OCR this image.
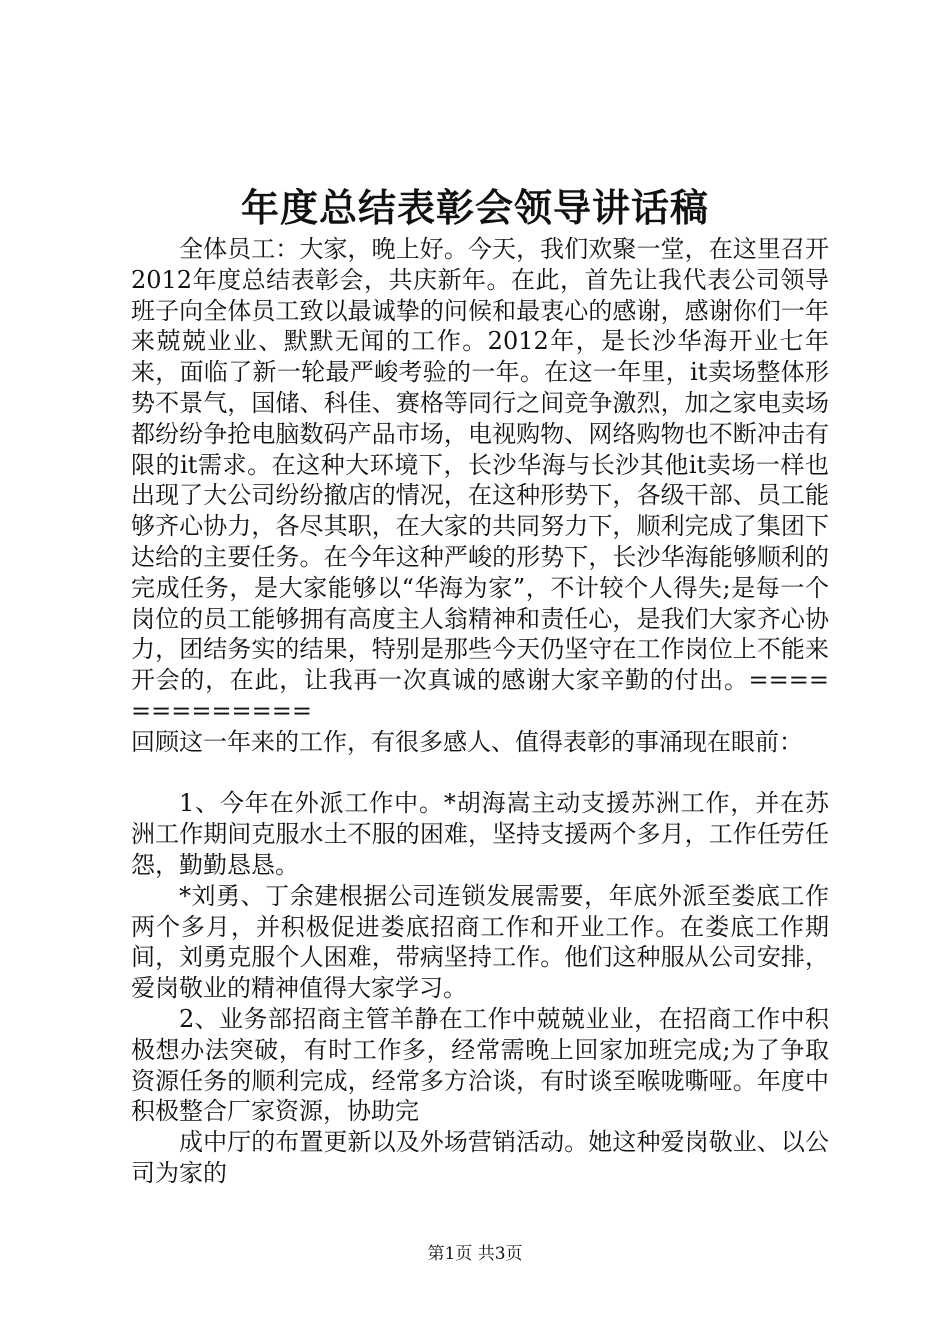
年度总结表彰会领导讲话稿

全体员工：大家，晚上好。今天，我们欢聚一堂，在这里召开2012年度总结表彰会，共庆新年。在此，首先让我代表公司领导班子向全体员工致以最诚挚的问候和最衷心的感谢，感谢你们一年来兢兢业业、默默无闻的工作。2012年，是长沙华海开业七年来，面临了新一轮最严峻考验的一年。在这一年里，it卖场整体形势不景气，国储、科佳、赛格等同行之间竞争激烈，加之家电卖场都纷纷争抢电脑数码产品市场，电视购物、网络购物也不断冲击有限的it需求。在这种大环境下，长沙华海与长沙其他it卖场一样也出现了大公司纷纷撤店的情况，在这种形势下，各级干部、员工能够齐心协力，各尽其职，在大家的共同努力下，顺利完成了集团下达给的主要任务。在今年这种严峻的形势下，长沙华海能够顺利的完成任务，是大家能够以“华海为家”，不计较个人得失;是每一个岗位的员工能够拥有高度主人翁精神和责任心，是我们大家齐心协力，团结务实的结果，特别是那些今天仍坚守在工作岗位上不能来开会的，在此，让我再一次真诚的感谢大家辛勤的付出。=============

回顾这一年来的工作，有很多感人、值得表彰的事涌现在眼前：

1、今年在外派工作中。*胡海嵩主动支援苏洲工作，并在苏洲工作期间克服水土不服的困难，坚持支援两个多月，工作任劳任怨，勤勤恳恳。

*刘勇、丁余建根据公司连锁发展需要，年底外派至娄底工作两个多月，并积极促进娄底招商工作和开业工作。在娄底工作期间，刘勇克服个人困难，带病坚持工作。他们这种服从公司安排，爱岗敬业的精神值得大家学习。

2、业务部招商主管羊静在工作中兢兢业业，在招商工作中积极想办法突破，有时工作多，经常需晚上回家加班完成;为了争取资源任务的顺利完成，经常多方洽谈，有时谈至喉咙嘶哑。年度中积极整合厂家资源，协助完

成中厅的布置更新以及外场营销活动。她这种爱岗敬业、以公司为家的

第1页 共3页
